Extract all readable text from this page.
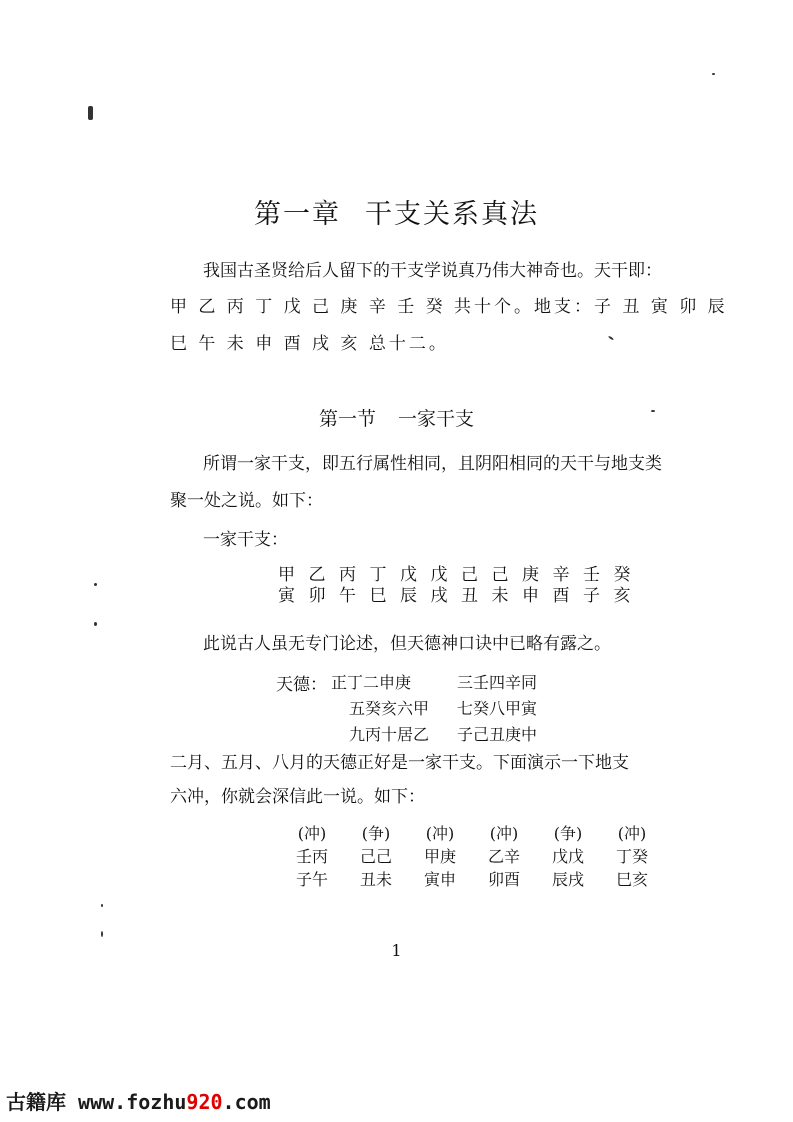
第一章 干支关系真法
我国古圣贤给后人留下的干支学说真乃伟大神奇也。天干即：
甲 乙 丙 丁 戊 己 庚 辛 壬 癸 共十个。地支：子 丑 寅 卯 辰
巳 午 未 申 酉 戌 亥 总十二。
第一节 一家干支
所谓一家干支，即五行属性相同，且阴阳相同的天干与地支类
聚一处之说。如下：
一家干支：
甲 乙 丙 丁 戊 戊 己 己 庚 辛 壬 癸
寅 卯 午 巳 辰 戌 丑 未 申 酉 子 亥
此说古人虽无专门论述，但天德神口诀中已略有露之。
天德： 正丁二申庚	三壬四辛同
五癸亥六甲 七癸八甲寅
九丙十居乙 子己丑庚中
二月、五月、八月的天德正好是一家干支。下面演示一下地支
六冲，你就会深信此一说。如下：
(冲)	(争)	(冲)	(冲)	(争)	(冲)
壬丙	己己	甲庚	乙辛	戊戊	丁癸
子午	丑未	寅申	卯酉	辰戌	巳亥
1
古籍库 www.fozhu920.com
